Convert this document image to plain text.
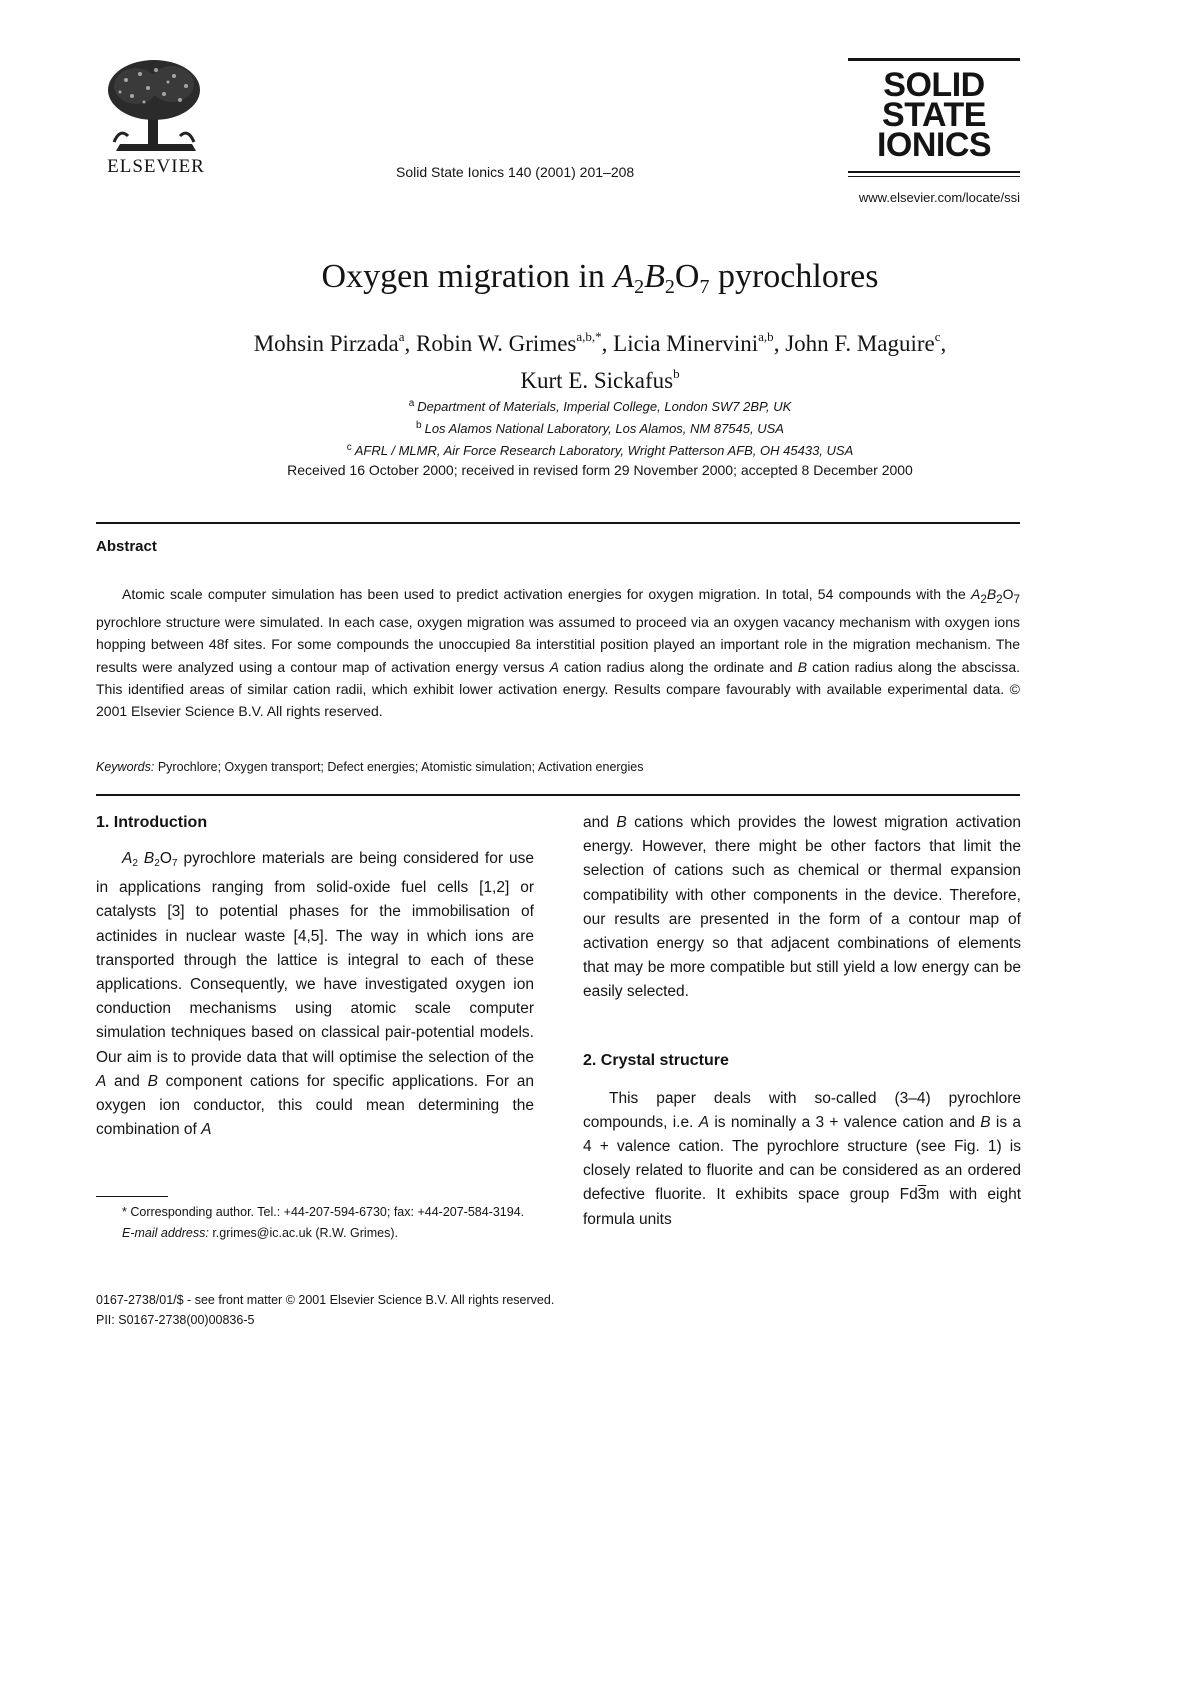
ELSEVIER	Solid State Ionics 140 (2001) 201–208
SOLID
STATE
IONICS
www.elsevier.com/locate/ssi
Oxygen migration in $A_2B_2O_7$ pyrochlores
Mohsin Pirzada$^a$, Robin W. Grimes$^{a,b,*}$, Licia Minervini$^{a,b}$, John F. Maguire$^c$,
Kurt E. Sickafus$^b$
$^a$ Department of Materials, Imperial College, London SW7 2BP, UK
$^b$ Los Alamos National Laboratory, Los Alamos, NM 87545, USA
$^c$ AFRL / MLMR, Air Force Research Laboratory, Wright Patterson AFB, OH 45433, USA
Received 16 October 2000; received in revised form 29 November 2000; accepted 8 December 2000
Abstract
Atomic scale computer simulation has been used to predict activation energies for oxygen migration. In total, 54 compounds with the $A_2B_2O_7$ pyrochlore structure were simulated. In each case, oxygen migration was assumed to proceed via an oxygen vacancy mechanism with oxygen ions hopping between 48f sites. For some compounds the unoccupied 8a interstitial position played an important role in the migration mechanism. The results were analyzed using a contour map of activation energy versus A cation radius along the ordinate and B cation radius along the abscissa. This identified areas of similar cation radii, which exhibit lower activation energy. Results compare favourably with available experimental data. © 2001 Elsevier Science B.V. All rights reserved.
Keywords: Pyrochlore; Oxygen transport; Defect energies; Atomistic simulation; Activation energies
1. Introduction

$A_2$ $B_2O_7$ pyrochlore materials are being considered for use in applications ranging from solid-oxide fuel cells [1,2] or catalysts [3] to potential phases for the immobilisation of actinides in nuclear waste [4,5]. The way in which ions are transported through the lattice is integral to each of these applications. Consequently, we have investigated oxygen ion conduction mechanisms using atomic scale computer simulation techniques based on classical pair-potential models. Our aim is to provide data that will optimise the selection of the A and B component cations for specific applications. For an oxygen ion conductor, this could mean determining the combination of A

* Corresponding author. Tel.: +44-207-594-6730; fax: +44-207-584-3194.
E-mail address: r.grimes@ic.ac.uk (R.W. Grimes).

and B cations which provides the lowest migration activation energy. However, there might be other factors that limit the selection of cations such as chemical or thermal expansion compatibility with other components in the device. Therefore, our results are presented in the form of a contour map of activation energy so that adjacent combinations of elements that may be more compatible but still yield a low energy can be easily selected.

2. Crystal structure

This paper deals with so-called (3–4) pyrochlore compounds, i.e. A is nominally a 3 + valence cation and B is a 4 + valence cation. The pyrochlore structure (see Fig. 1) is closely related to fluorite and can be considered as an ordered defective fluorite. It exhibits space group Fd3m with eight formula units

0167-2738/01/$ - see front matter © 2001 Elsevier Science B.V. All rights reserved.
PII: S0167-2738(00)00836-5
